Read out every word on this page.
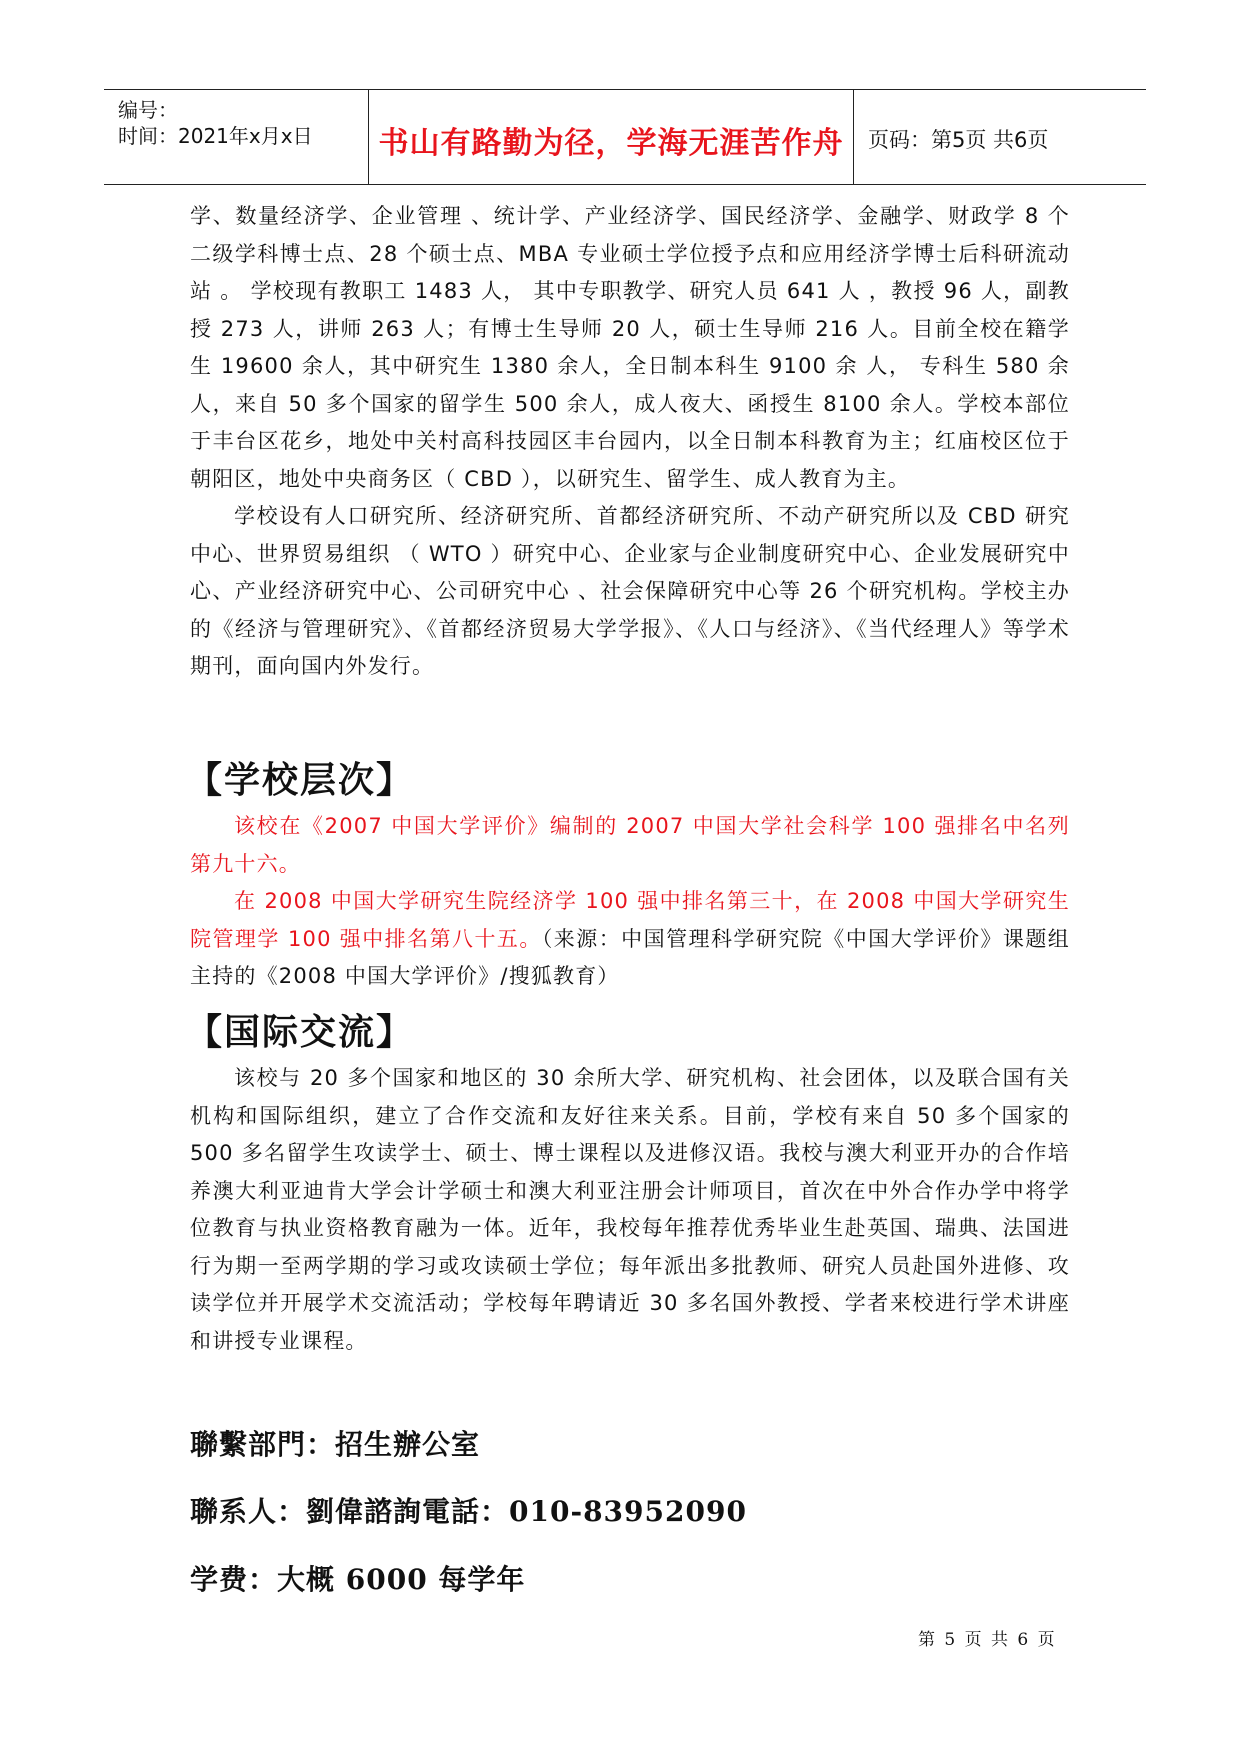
编号：
时间：2021年x月x日	书山有路勤为径，学海无涯苦作舟	页码：第5页 共6页

学、数量经济学、企业管理 、统计学、产业经济学、国民经济学、金融学、财政学 8 个二级学科博士点、28 个硕士点、MBA 专业硕士学位授予点和应用经济学博士后科研流动站 。 学校现有教职工 1483 人， 其中专职教学、研究人员 641 人 ，教授 96 人，副教授 273 人，讲师 263 人；有博士生导师 20 人，硕士生导师 216 人。目前全校在籍学生 19600 余人，其中研究生 1380 余人，全日制本科生 9100 余 人， 专科生 580 余人，来自 50 多个国家的留学生 500 余人，成人夜大、函授生 8100 余人。学校本部位于丰台区花乡，地处中关村高科技园区丰台园内，以全日制本科教育为主；红庙校区位于朝阳区，地处中央商务区（ CBD ），以研究生、留学生、成人教育为主。

学校设有人口研究所、经济研究所、首都经济研究所、不动产研究所以及 CBD 研究中心、世界贸易组织 （ WTO ）研究中心、企业家与企业制度研究中心、企业发展研究中心、产业经济研究中心、公司研究中心 、社会保障研究中心等 26 个研究机构。学校主办的《经济与管理研究》、《首都经济贸易大学学报》、《人口与经济》、《当代经理人》等学术期刊，面向国内外发行。

【学校层次】

该校在《2007 中国大学评价》编制的 2007 中国大学社会科学 100 强排名中名列第九十六。

在 2008 中国大学研究生院经济学 100 强中排名第三十，在 2008 中国大学研究生院管理学 100 强中排名第八十五。（来源：中国管理科学研究院《中国大学评价》课题组主持的《2008 中国大学评价》/搜狐教育）

【国际交流】

该校与 20 多个国家和地区的 30 余所大学、研究机构、社会团体，以及联合国有关机构和国际组织，建立了合作交流和友好往来关系。目前，学校有来自 50 多个国家的 500 多名留学生攻读学士、硕士、博士课程以及进修汉语。我校与澳大利亚开办的合作培养澳大利亚迪肯大学会计学硕士和澳大利亚注册会计师项目，首次在中外合作办学中将学位教育与执业资格教育融为一体。近年，我校每年推荐优秀毕业生赴英国、瑞典、法国进行为期一至两学期的学习或攻读硕士学位；每年派出多批教师、研究人员赴国外进修、攻读学位并开展学术交流活动；学校每年聘请近 30 多名国外教授、学者来校进行学术讲座和讲授专业课程。

聯繫部門：招生辦公室
聯系人：劉偉諮詢電話：010-83952090
学费：大概 6000 每学年
第 5 页 共 6 页
